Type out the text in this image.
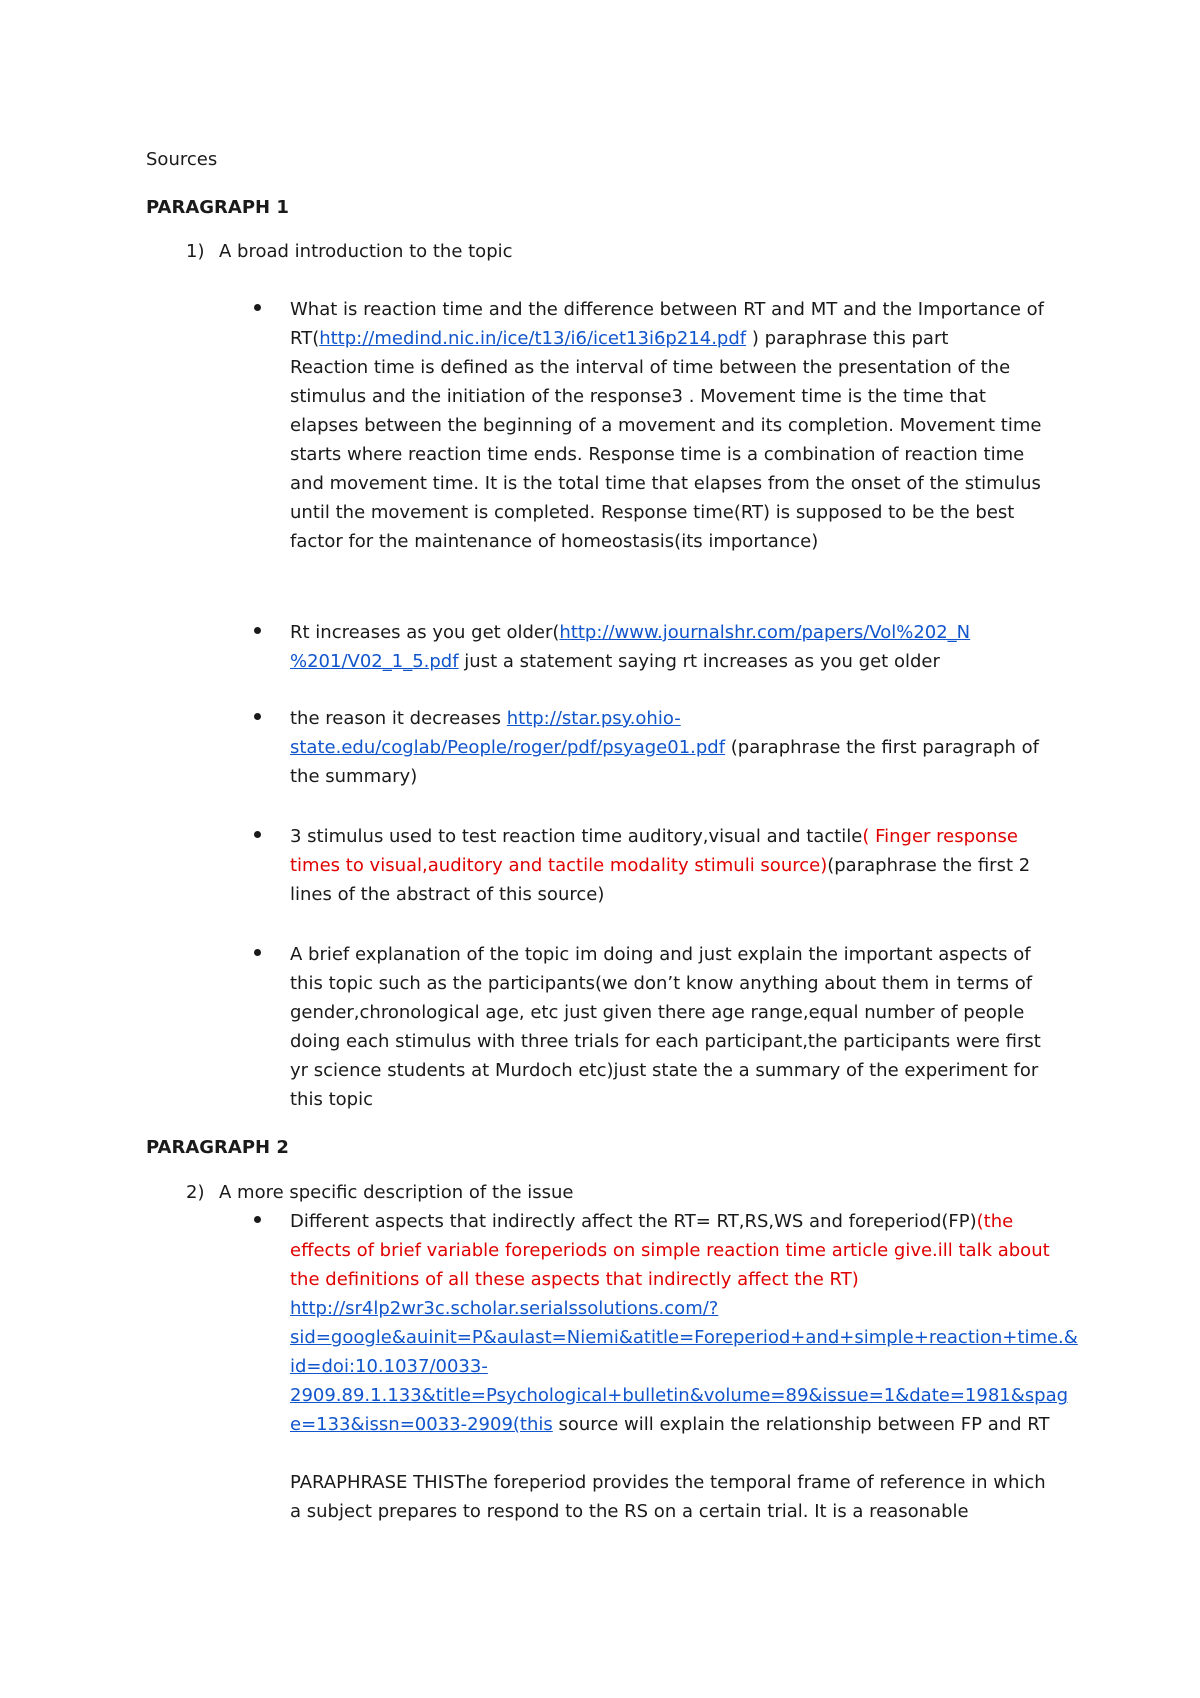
Sources
PARAGRAPH 1
1) A broad introduction to the topic
What is reaction time and the difference between RT and MT and the Importance of
RT(http://medind.nic.in/ice/t13/i6/icet13i6p214.pdf ) paraphrase this part
Reaction time is defined as the interval of time between the presentation of the
stimulus and the initiation of the response3 . Movement time is the time that
elapses between the beginning of a movement and its completion. Movement time
starts where reaction time ends. Response time is a combination of reaction time
and movement time. It is the total time that elapses from the onset of the stimulus
until the movement is completed. Response time(RT) is supposed to be the best
factor for the maintenance of homeostasis(its importance)
Rt increases as you get older(http://www.journalshr.com/papers/Vol%202_N
%201/V02_1_5.pdf just a statement saying rt increases as you get older
the reason it decreases http://star.psy.ohio-
state.edu/coglab/People/roger/pdf/psyage01.pdf (paraphrase the first paragraph of
the summary)
3 stimulus used to test reaction time auditory,visual and tactile( Finger response
times to visual,auditory and tactile modality stimuli source)(paraphrase the first 2
lines of the abstract of this source)
A brief explanation of the topic im doing and just explain the important aspects of
this topic such as the participants(we don’t know anything about them in terms of
gender,chronological age, etc just given there age range,equal number of people
doing each stimulus with three trials for each participant,the participants were first
yr science students at Murdoch etc)just state the a summary of the experiment for
this topic
PARAGRAPH 2
2) A more specific description of the issue
Different aspects that indirectly affect the RT= RT,RS,WS and foreperiod(FP)(the
effects of brief variable foreperiods on simple reaction time article give.ill talk about
the definitions of all these aspects that indirectly affect the RT)
http://sr4lp2wr3c.scholar.serialssolutions.com/?
sid=google&auinit=P&aulast=Niemi&atitle=Foreperiod+and+simple+reaction+time.&
id=doi:10.1037/0033-
2909.89.1.133&title=Psychological+bulletin&volume=89&issue=1&date=1981&spag
e=133&issn=0033-2909(this source will explain the relationship between FP and RT
PARAPHRASE THISThe foreperiod provides the temporal frame of reference in which
a subject prepares to respond to the RS on a certain trial. It is a reasonable
